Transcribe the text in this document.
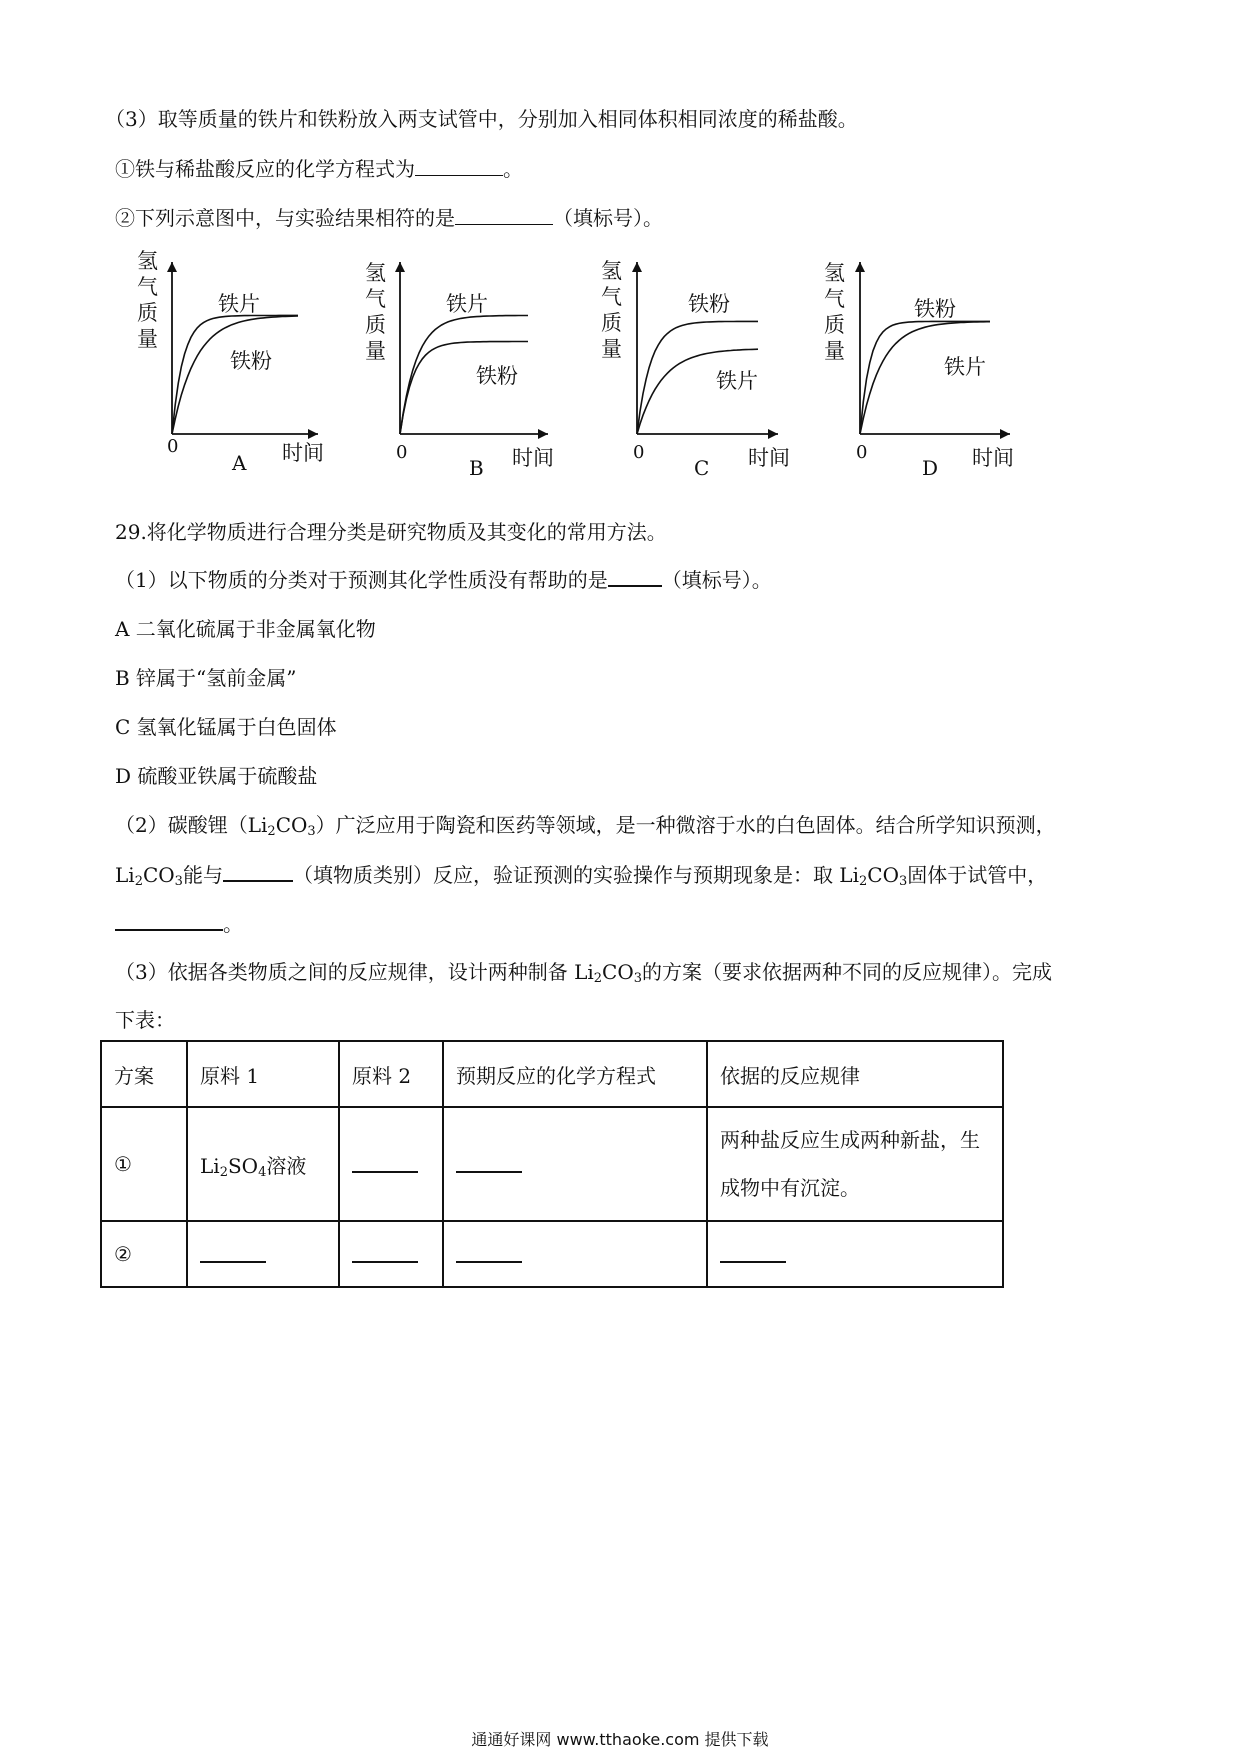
（3）取等质量的铁片和铁粉放入两支试管中，分别加入相同体积相同浓度的稀盐酸。
①铁与稀盐酸反应的化学方程式为	。
②下列示意图中，与实验结果相符的是	（填标号）。
铁片
铁粉
A
0	时间
氢
气
质
量
铁片
铁粉
B
0	时间
氢
气
质
量
铁粉
铁片
C
0	时间
氢
气
质
量
铁粉
铁片
D
0	时间
氢
气
质
量
29.将化学物质进行合理分类是研究物质及其变化的常用方法。
（1）以下物质的分类对于预测其化学性质没有帮助的是	（填标号）。
A 二氧化硫属于非金属氧化物
B 锌属于“氢前金属”
C 氢氧化锰属于白色固体
D 硫酸亚铁属于硫酸盐
（2）碳酸锂$(Li_2CO_3)$广泛应用于陶瓷和医药等领域，是一种微溶于水的白色固体。结合所学知识预测，
$Li_2CO_3$能与	（填物质类别）反应，验证预测的实验操作与预期现象是：取 $Li_2CO_3$固体于试管中，
。
（3）依据各类物质之间的反应规律，设计两种制备 $Li_2CO_3$的方案（要求依据两种不同的反应规律）。完成
下表：
方案	原料 1	原料 2	预期反应的化学方程式	依据的反应规律
①	$Li_2SO_4$溶液			两种盐反应生成两种新盐，生
成物中有沉淀。
②				
通通好课网 www.tthaoke.com 提供下载
